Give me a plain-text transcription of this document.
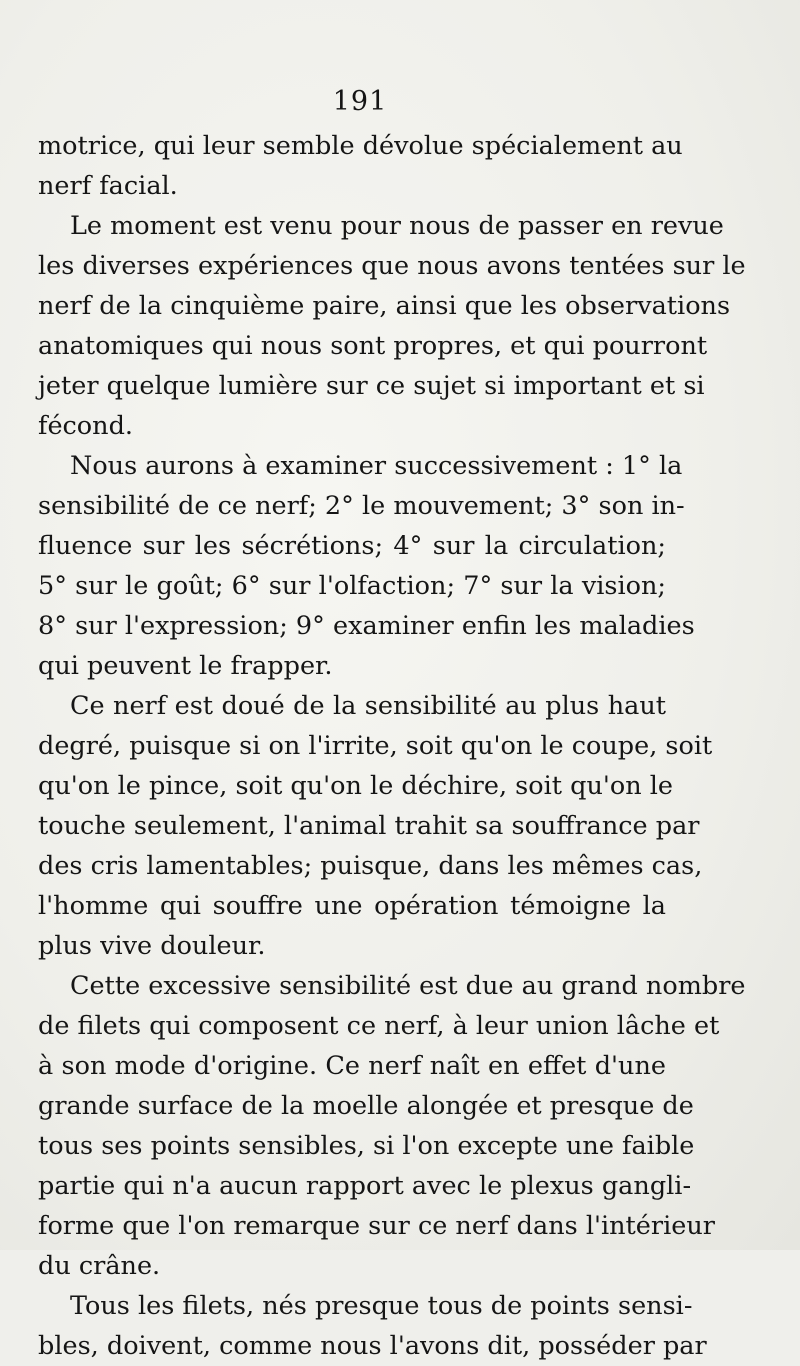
191
motrice, qui leur semble dévolue spécialement au
nerf facial.
Le moment est venu pour nous de passer en revue
les diverses expériences que nous avons tentées sur le
nerf de la cinquième paire, ainsi que les observations
anatomiques qui nous sont propres, et qui pourront
jeter quelque lumière sur ce sujet si important et si
fécond.
Nous aurons à examiner successivement : 1° la
sensibilité de ce nerf; 2° le mouvement; 3° son in-
fluence sur les sécrétions; 4° sur la circulation;
5° sur le goût; 6° sur l'olfaction; 7° sur la vision;
8° sur l'expression; 9° examiner enfin les maladies
qui peuvent le frapper.
Ce nerf est doué de la sensibilité au plus haut
degré, puisque si on l'irrite, soit qu'on le coupe, soit
qu'on le pince, soit qu'on le déchire, soit qu'on le
touche seulement, l'animal trahit sa souffrance par
des cris lamentables; puisque, dans les mêmes cas,
l'homme qui souffre une opération témoigne la
plus vive douleur.
Cette excessive sensibilité est due au grand nombre
de filets qui composent ce nerf, à leur union lâche et
à son mode d'origine. Ce nerf naît en effet d'une
grande surface de la moelle alongée et presque de
tous ses points sensibles, si l'on excepte une faible
partie qui n'a aucun rapport avec le plexus gangli-
forme que l'on remarque sur ce nerf dans l'intérieur
du crâne.
Tous les filets, nés presque tous de points sensi-
bles, doivent, comme nous l'avons dit, posséder par
